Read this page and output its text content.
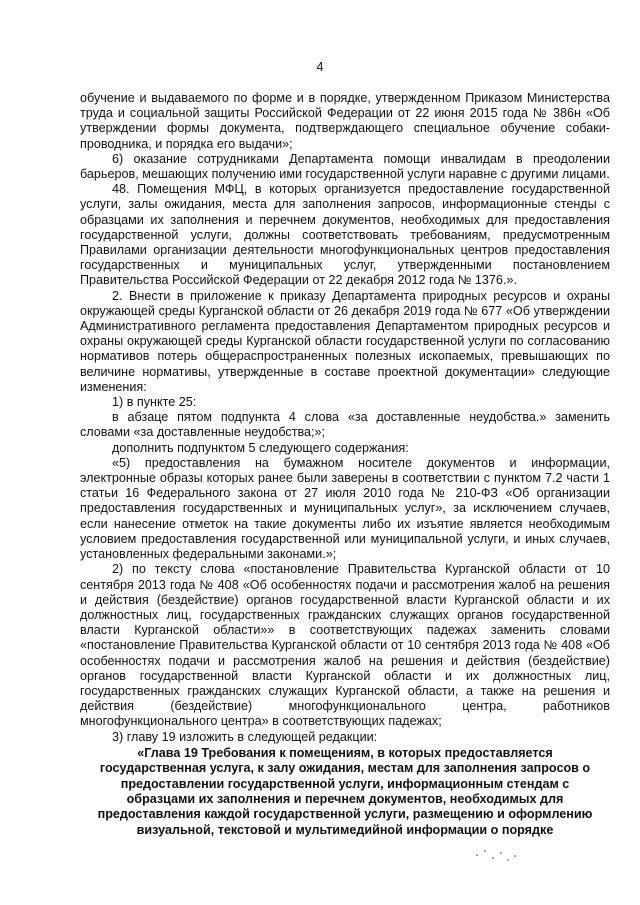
4

обучение и выдаваемого по форме и в порядке, утвержденном Приказом Министерства труда и социальной защиты Российской Федерации от 22 июня 2015 года № 386н «Об утверждении формы документа, подтверждающего специальное обучение собаки-проводника, и порядка его выдачи»;

6) оказание сотрудниками Департамента помощи инвалидам в преодолении барьеров, мешающих получению ими государственной услуги наравне с другими лицами.

48. Помещения МФЦ, в которых организуется предоставление государственной услуги, залы ожидания, места для заполнения запросов, информационные стенды с образцами их заполнения и перечнем документов, необходимых для предоставления государственной услуги, должны соответствовать требованиям, предусмотренным Правилами организации деятельности многофункциональных центров предоставления государственных и муниципальных услуг, утвержденными постановлением Правительства Российской Федерации от 22 декабря 2012 года № 1376.».

2. Внести в приложение к приказу Департамента природных ресурсов и охраны окружающей среды Курганской области от 26 декабря 2019 года № 677 «Об утверждении Административного регламента предоставления Департаментом природных ресурсов и охраны окружающей среды Курганской области государственной услуги по согласованию нормативов потерь общераспространенных полезных ископаемых, превышающих по величине нормативы, утвержденные в составе проектной документации» следующие изменения:

1) в пункте 25:

в абзаце пятом подпункта 4 слова «за доставленные неудобства.» заменить словами «за доставленные неудобства;»;

дополнить подпунктом 5 следующего содержания:

«5) предоставления на бумажном носителе документов и информации, электронные образы которых ранее были заверены в соответствии с пунктом 7.2 части 1 статьи 16 Федерального закона от 27 июля 2010 года № 210-ФЗ «Об организации предоставления государственных и муниципальных услуг», за исключением случаев, если нанесение отметок на такие документы либо их изъятие является необходимым условием предоставления государственной или муниципальной услуги, и иных случаев, установленных федеральными законами.»;

2) по тексту слова «постановление Правительства Курганской области от 10 сентября 2013 года № 408 «Об особенностях подачи и рассмотрения жалоб на решения и действия (бездействие) органов государственной власти Курганской области и их должностных лиц, государственных гражданских служащих органов государственной власти Курганской области»» в соответствующих падежах заменить словами «постановление Правительства Курганской области от 10 сентября 2013 года № 408 «Об особенностях подачи и рассмотрения жалоб на решения и действия (бездействие) органов государственной власти Курганской области и их должностных лиц, государственных гражданских служащих Курганской области, а также на решения и действия (бездействие) многофункционального центра, работников многофункционального центра» в соответствующих падежах;

3) главу 19 изложить в следующей редакции:

«Глава 19 Требования к помещениям, в которых предоставляется государственная услуга, к залу ожидания, местам для заполнения запросов о предоставлении государственной услуги, информационным стендам с образцами их заполнения и перечнем документов, необходимых для предоставления каждой государственной услуги, размещению и оформлению визуальной, текстовой и мультимедийной информации о порядке
